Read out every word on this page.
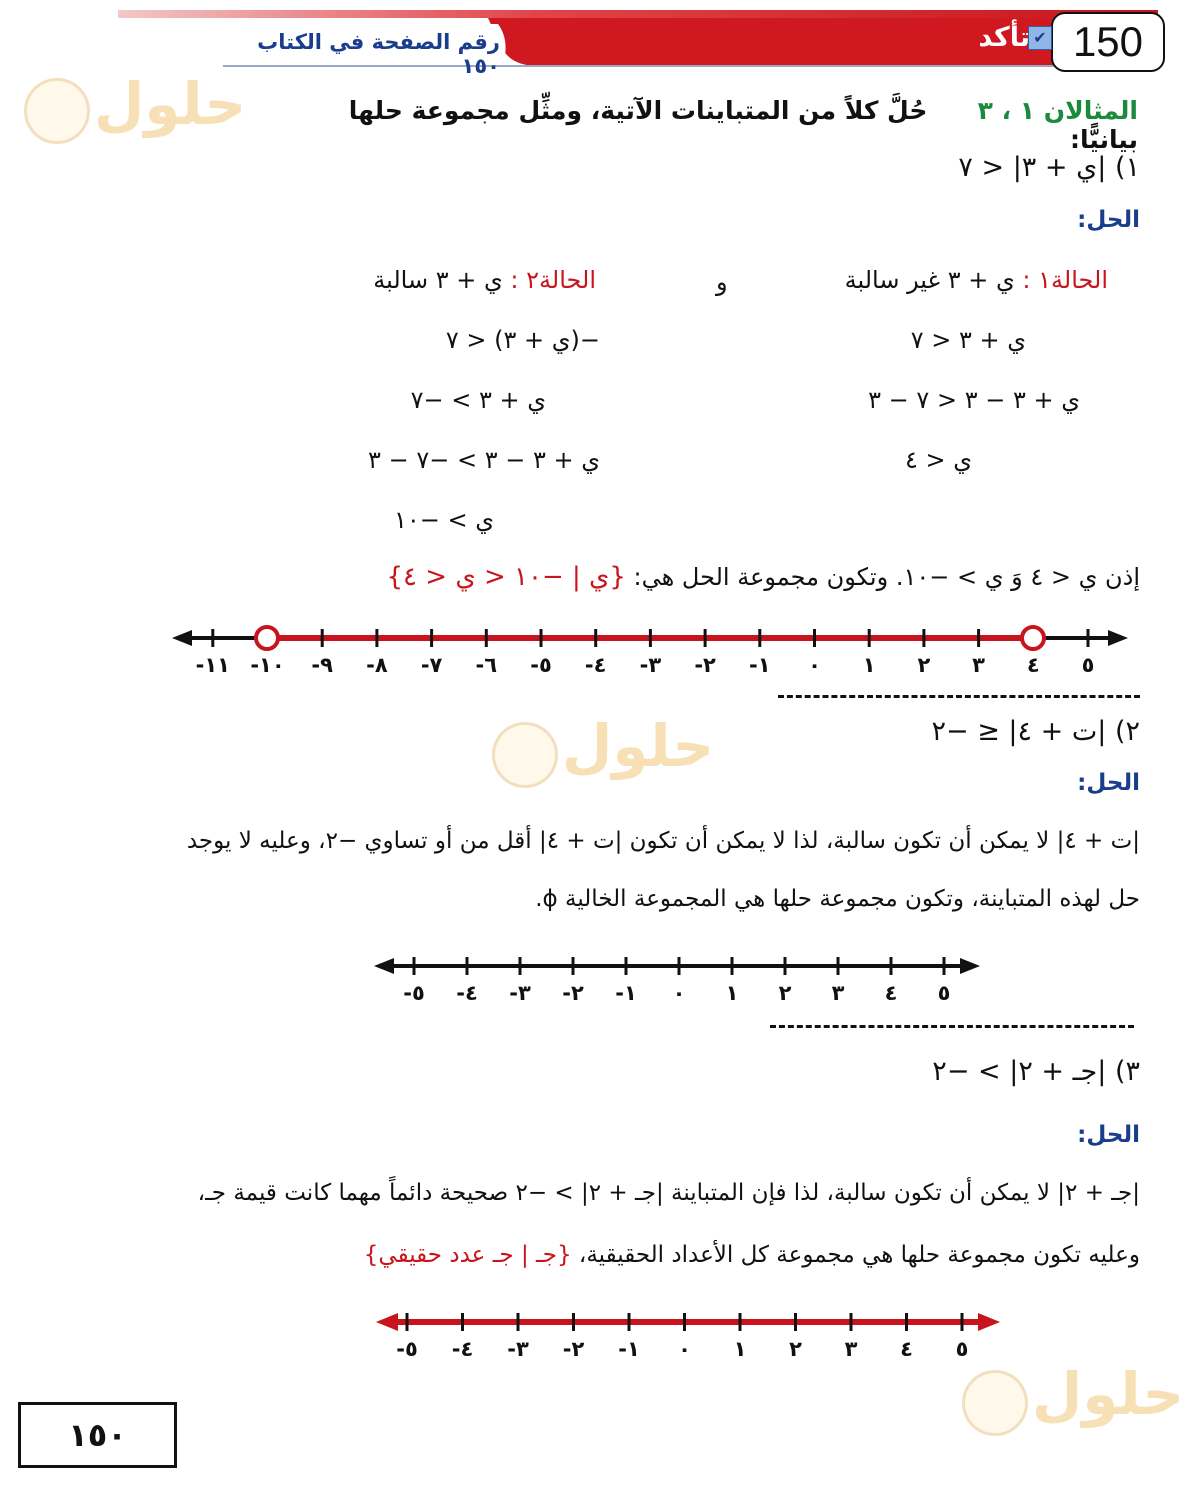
150
✔
تأكد
رقم الصفحة في الكتاب ١٥٠
حلول
حلول
حلول
المثالان ١ ، ٣  حُلَّ كلاً من المتباينات الآتية، ومثِّل مجموعة حلها بيانيًّا:
١) |ي + ٣| < ٧
الحل:
الحالة١ : ي + ٣ غير سالبة
و
الحالة٢ : ي + ٣ سالبة
ي + ٣ < ٧
ي + ٣ − ٣ < ٧ − ٣
ي < ٤
−(ي + ٣) < ٧
ي + ٣ > −٧
ي + ٣ − ٣ > −٧ − ٣
ي > −١٠
إذن ي < ٤ وَ ي > −١٠. وتكون مجموعة الحل هي: {ي | −١٠ < ي < ٤}
٥
٤
٣
٢
١
٠
-١
-٢
-٣
-٤
-٥
-٦
-٧
-٨
-٩
-١٠
-١١
٢) |ت + ٤| ≤ −٢
الحل:
|ت + ٤| لا يمكن أن تكون سالبة، لذا لا يمكن أن تكون |ت + ٤| أقل من أو تساوي −٢، وعليه لا يوجد
حل لهذه المتباينة، وتكون مجموعة حلها هي المجموعة الخالية ϕ.
٥
٤
٣
٢
١
٠
-١
-٢
-٣
-٤
-٥
٣) |جـ + ٢| > −٢
الحل:
|جـ + ٢| لا يمكن أن تكون سالبة، لذا فإن المتباينة |جـ + ٢| > −٢ صحيحة دائماً مهما كانت قيمة جـ،
وعليه تكون مجموعة حلها هي مجموعة كل الأعداد الحقيقية، {جـ | جـ عدد حقيقي}
٥
٤
٣
٢
١
٠
-١
-٢
-٣
-٤
-٥
١٥٠
